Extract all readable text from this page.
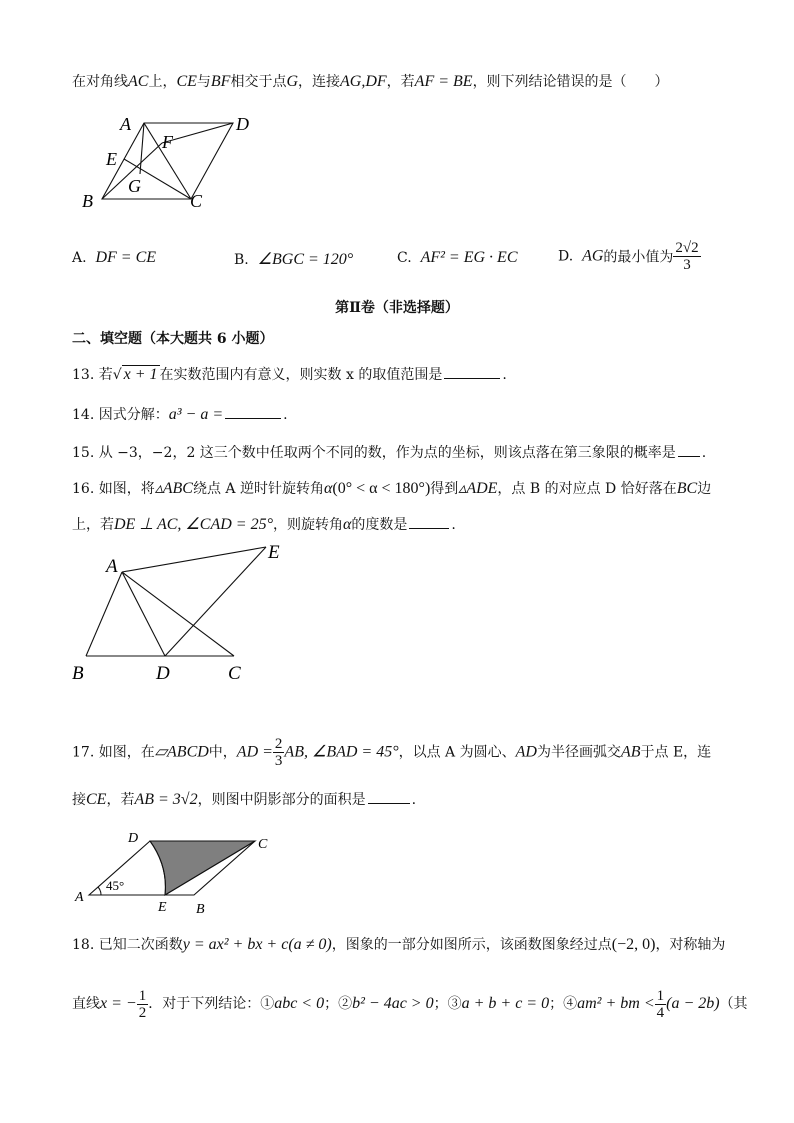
在对角线AC上，CE与BF相交于点G，连接AG,DF，若AF = BE，则下列结论错误的是（　　）
A	D
F
E
G
B	C
A. DF = CE	B. ∠BGC = 120°	C. AF² = EG · EC	D. AG的最小值为 $\frac{2√2}{3}$
第Ⅱ卷（非选择题）
二、填空题（本大题共 6 小题）
13. 若√ x + 1 在实数范围内有意义，则实数 x 的取值范围是	.
14. 因式分解：a³ − a =	.
15. 从 −3，−2，2 这三个数中任取两个不同的数，作为点的坐标，则该点落在第三象限的概率是 .
16. 如图，将▵ABC绕点 A 逆时针旋转角α(0° < α < 180°)得到▵ADE，点 B 的对应点 D 恰好落在BC边
上，若DE ⊥ AC, ∠CAD = 25°，则旋转角α的度数是	.
A
E
B	D	C
17. 如图，在▱ABCD中，AD = $\frac{2}{3}$ AB, ∠BAD = 45°，以点 A 为圆心、AD为半径画弧交AB于点 E，连
接CE，若AB = 3√2，则图中阴影部分的面积是	.
D	C
A
45°
E B
18. 已知二次函数y = ax² + bx + c(a ≠ 0)，图象的一部分如图所示，该函数图象经过点(−2, 0)，对称轴为
直线x = − $\frac{1}{2}$ ．对于下列结论：①abc < 0；②b² − 4ac > 0；③a + b + c = 0；④am² + bm < $\frac{1}{4} (a - 2b)$（其
